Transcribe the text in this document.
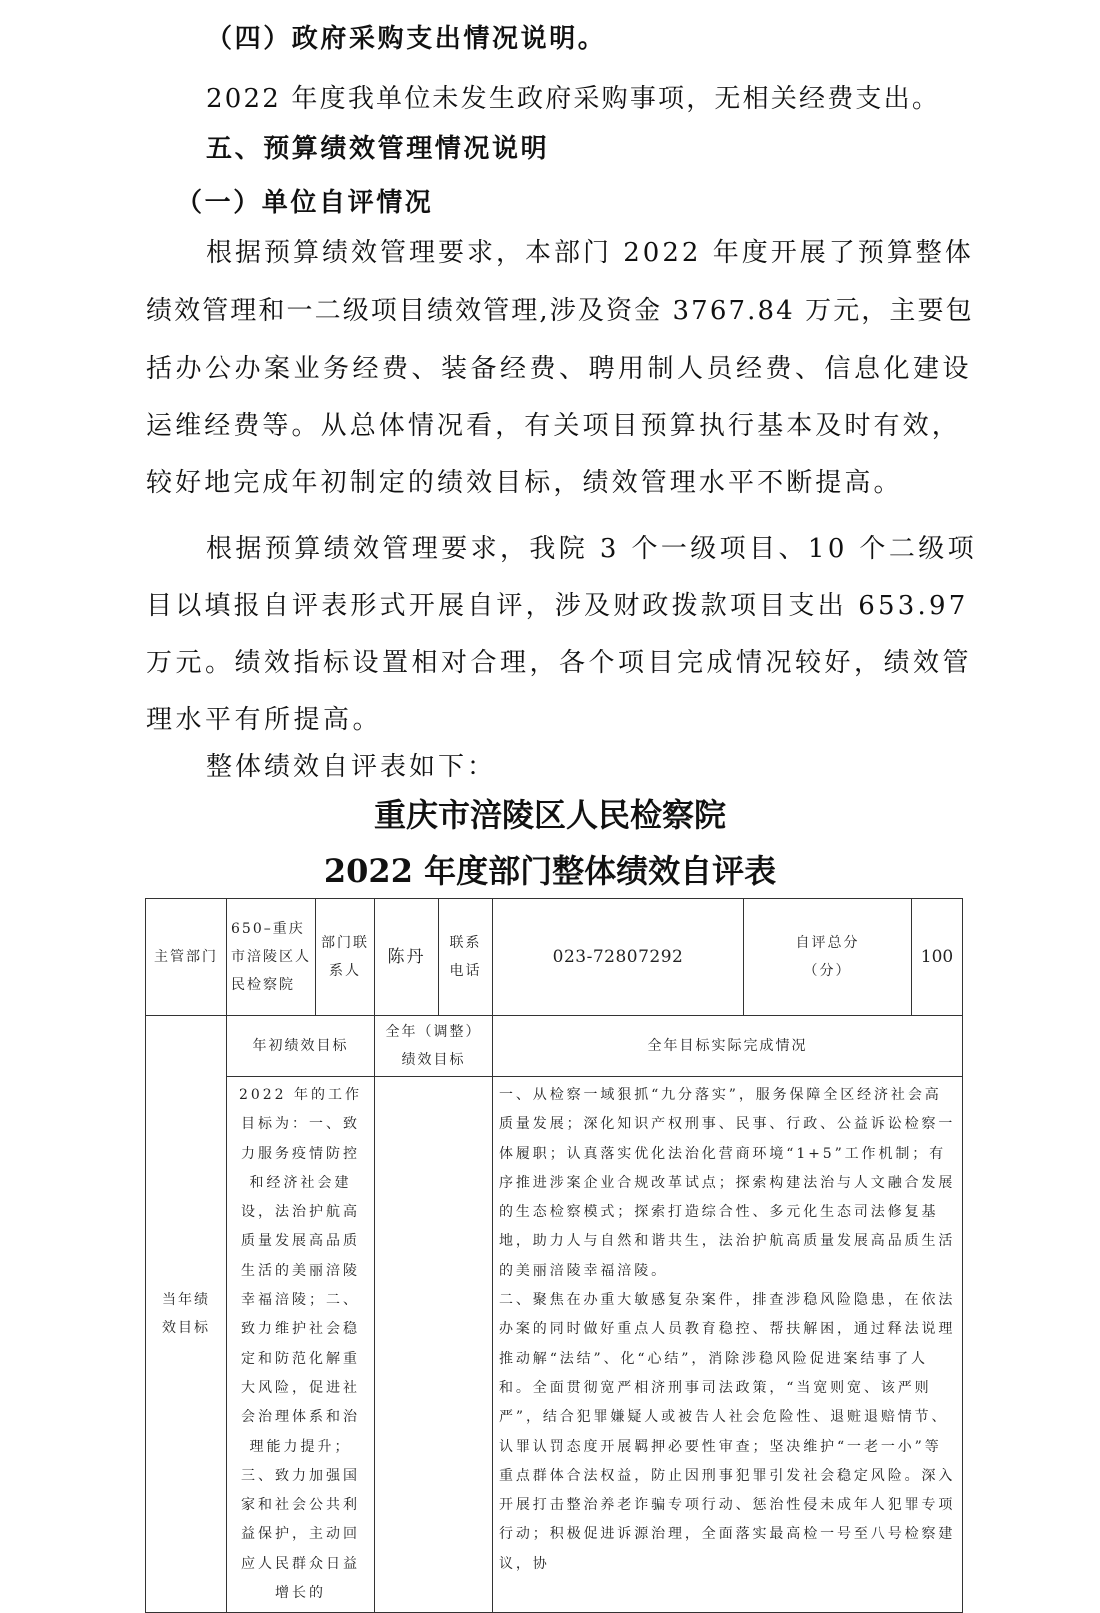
（四）政府采购支出情况说明。
2022 年度我单位未发生政府采购事项，无相关经费支出。
五、预算绩效管理情况说明
（一）单位自评情况
根据预算绩效管理要求，本部门 2022 年度开展了预算整体
绩效管理和一二级项目绩效管理,涉及资金 3767.84 万元，主要包
括办公办案业务经费、装备经费、聘用制人员经费、信息化建设
运维经费等。从总体情况看，有关项目预算执行基本及时有效，
较好地完成年初制定的绩效目标，绩效管理水平不断提高。
根据预算绩效管理要求，我院 3 个一级项目、10 个二级项
目以填报自评表形式开展自评，涉及财政拨款项目支出 653.97
万元。绩效指标设置相对合理，各个项目完成情况较好，绩效管
理水平有所提高。
整体绩效自评表如下：
重庆市涪陵区人民检察院
2022 年度部门整体绩效自评表
主管部门	650–重庆市涪陵区人民检察院	部门联系人	陈丹	联系电话	023-72807292	自评总分
（分）	100
当年绩效目标	年初绩效目标		全年（调整）绩效目标		全年目标实际完成情况		
	2022 年的工作目标为：一、致力服务疫情防控和经济社会建设，法治护航高质量发展高品质生活的美丽涪陵幸福涪陵；二、致力维护社会稳定和防范化解重大风险，促进社会治理体系和治理能力提升；三、致力加强国家和社会公共利益保护，主动回应人民群众日益增长的				一、从检察一域狠抓“九分落实”，服务保障全区经济社会高质量发展；深化知识产权刑事、民事、行政、公益诉讼检察一体履职；认真落实优化法治化营商环境“1+5”工作机制；有序推进涉案企业合规改革试点；探索构建法治与人文融合发展的生态检察模式；探索打造综合性、多元化生态司法修复基地，助力人与自然和谐共生，法治护航高质量发展高品质生活的美丽涪陵幸福涪陵。
二、聚焦在办重大敏感复杂案件，排查涉稳风险隐患，在依法办案的同时做好重点人员教育稳控、帮扶解困，通过释法说理推动解“法结”、化“心结”，消除涉稳风险促进案结事了人和。全面贯彻宽严相济刑事司法政策，“当宽则宽、该严则严”，结合犯罪嫌疑人或被告人社会危险性、退赃退赔情节、认罪认罚态度开展羁押必要性审查；坚决维护“一老一小”等重点群体合法权益，防止因刑事犯罪引发社会稳定风险。深入开展打击整治养老诈骗专项行动、惩治性侵未成年人犯罪专项行动；积极促进诉源治理，全面落实最高检一号至八号检察建议，协		
